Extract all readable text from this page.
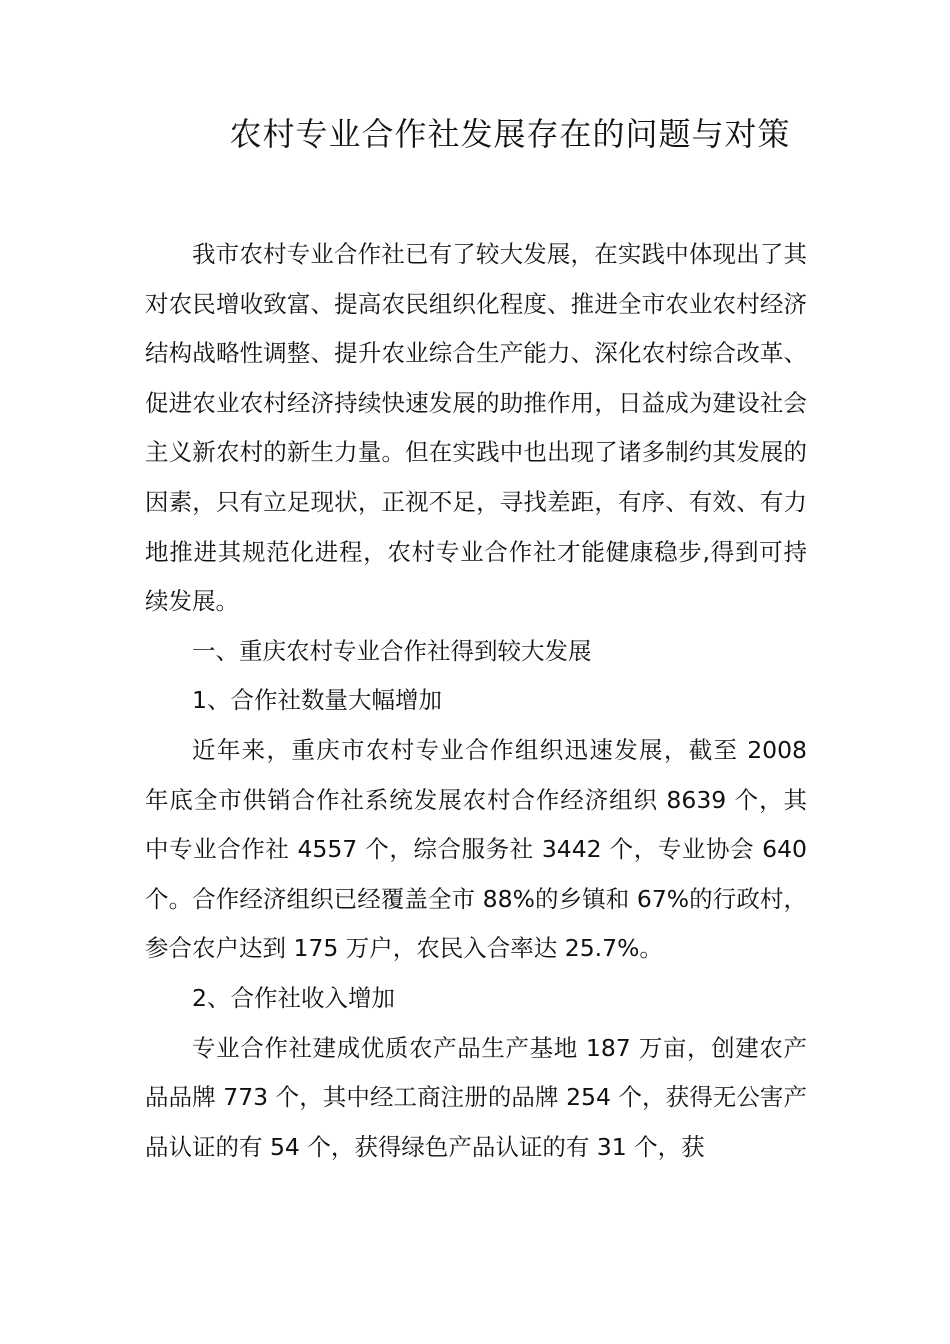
农村专业合作社发展存在的问题与对策

我市农村专业合作社已有了较大发展，在实践中体现出了其对农民增收致富、提高农民组织化程度、推进全市农业农村经济结构战略性调整、提升农业综合生产能力、深化农村综合改革、促进农业农村经济持续快速发展的助推作用，日益成为建设社会主义新农村的新生力量。但在实践中也出现了诸多制约其发展的因素，只有立足现状，正视不足，寻找差距，有序、有效、有力地推进其规范化进程，农村专业合作社才能健康稳步,得到可持续发展。

一、重庆农村专业合作社得到较大发展

1、合作社数量大幅增加

近年来，重庆市农村专业合作组织迅速发展，截至 2008 年底全市供销合作社系统发展农村合作经济组织 8639 个，其中专业合作社 4557 个，综合服务社 3442 个，专业协会 640 个。合作经济组织已经覆盖全市 88%的乡镇和 67%的行政村，参合农户达到 175 万户，农民入合率达 25.7%。

2、合作社收入增加

专业合作社建成优质农产品生产基地 187 万亩，创建农产品品牌 773 个，其中经工商注册的品牌 254 个，获得无公害产品认证的有 54 个，获得绿色产品认证的有 31 个，获
